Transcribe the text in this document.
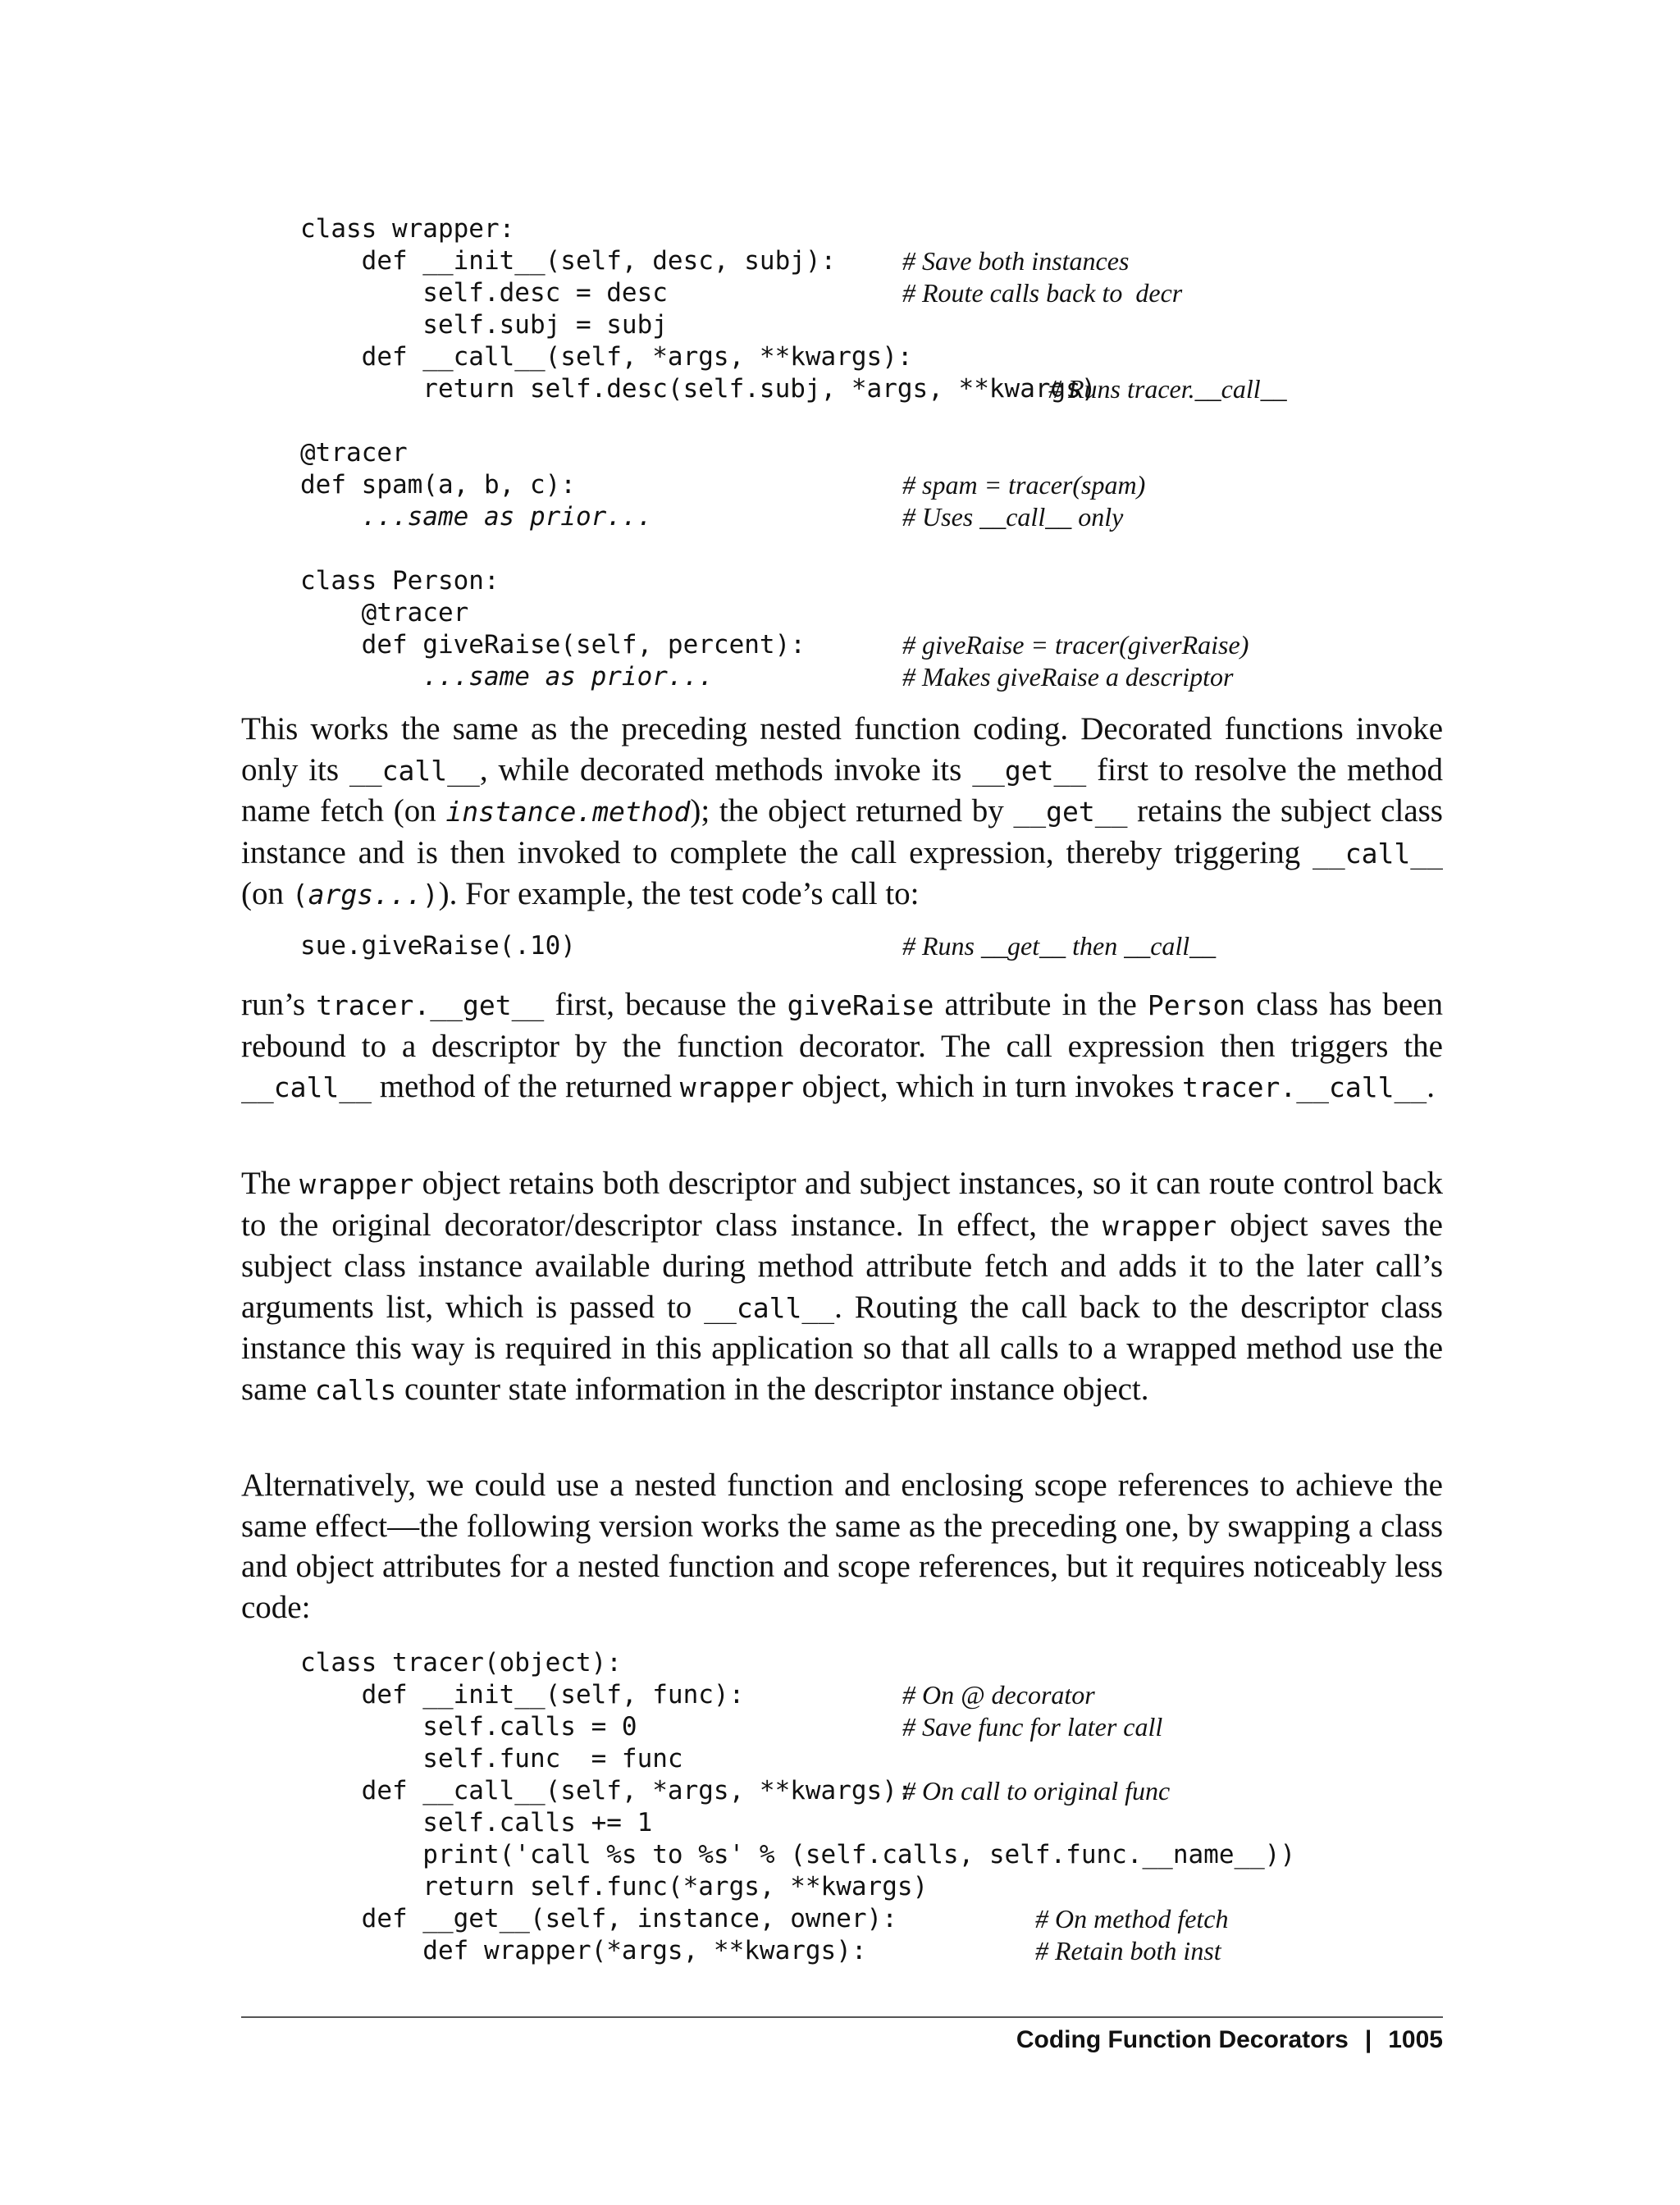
class wrapper:
def __init__(self, desc, subj):	# Save both instances
self.desc = desc	# Route calls back to  decr
self.subj = subj
def __call__(self, *args, **kwargs):
return self.desc(self.subj, *args, **kwargs)
# Runs tracer.__call__
@tracer
def spam(a, b, c):	# spam = tracer(spam)
...same as prior...	# Uses __call__ only
class Person:
@tracer
def giveRaise(self, percent):	# giveRaise = tracer(giverRaise)
...same as prior...	# Makes giveRaise a descriptor

This works the same as the preceding nested function coding. Decorated functions invoke only its __call__, while decorated methods invoke its __get__ first to resolve the method name fetch (on instance.method); the object returned by __get__ retains the subject class instance and is then invoked to complete the call expression, thereby triggering __call__ (on (args...)). For example, the test code’s call to:

sue.giveRaise(.10)	# Runs __get__ then __call__

run’s tracer.__get__ first, because the giveRaise attribute in the Person class has been rebound to a descriptor by the function decorator. The call expression then triggers the __call__ method of the returned wrapper object, which in turn invokes tracer.__call__.

The wrapper object retains both descriptor and subject instances, so it can route control back to the original decorator/descriptor class instance. In effect, the wrapper object saves the subject class instance available during method attribute fetch and adds it to the later call’s arguments list, which is passed to __call__. Routing the call back to the descriptor class instance this way is required in this application so that all calls to a wrapped method use the same calls counter state information in the descriptor instance object.

Alternatively, we could use a nested function and enclosing scope references to achieve the same effect—the following version works the same as the preceding one, by swapping a class and object attributes for a nested function and scope references, but it requires noticeably less code:

class tracer(object):
def __init__(self, func):	# On @ decorator
self.calls = 0	# Save func for later call
self.func  = func
def __call__(self, *args, **kwargs):
# On call to original func
self.calls += 1
print('call %s to %s' % (self.calls, self.func.__name__))
return self.func(*args, **kwargs)
def __get__(self, instance, owner):	# On method fetch
def wrapper(*args, **kwargs):	# Retain both inst
Coding Function Decorators | 1005
